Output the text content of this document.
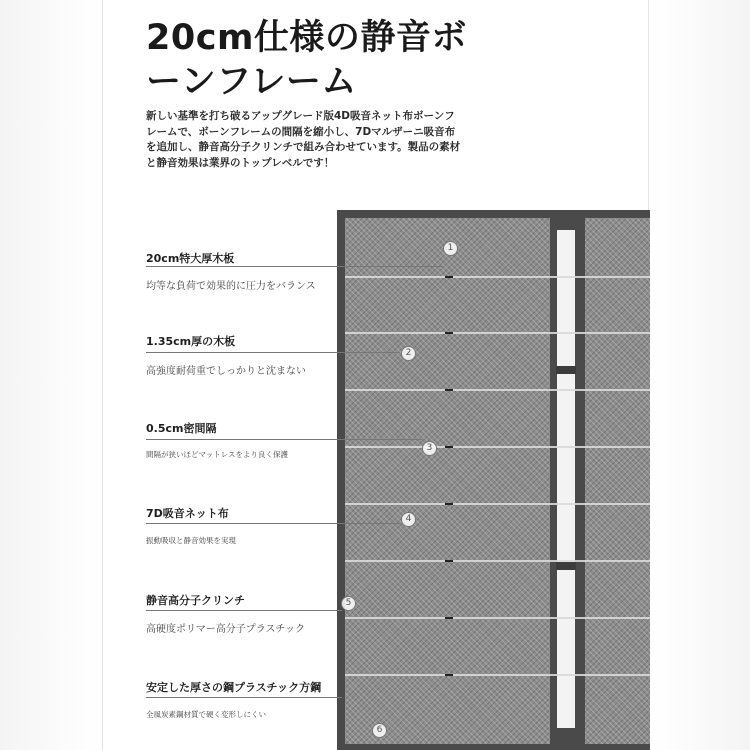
20cm仕様の静音ボ
ーンフレーム

新しい基準を打ち破るアップグレード版4D吸音ネット布ボーンフ
レームで、ボーンフレームの間隔を縮小し、7Dマルザーニ吸音布
を追加し、静音高分子クリンチで組み合わせています。製品の素材
と静音効果は業界のトップレベルです！

20cm特大厚木板

均等な負荷で効果的に圧力をバランス

1.35cm厚の木板

高強度耐荷重でしっかりと沈まない

0.5cm密間隔

間隔が狭いほどマットレスをより良く保護

7D吸音ネット布

振動吸収と静音効果を実現

静音高分子クリンチ

高硬度ポリマー高分子プラスチック

安定した厚さの鋼プラスチック方鋼

全風炭素鋼材質で硬く変形しにくい

1
2
3
4
5
6
